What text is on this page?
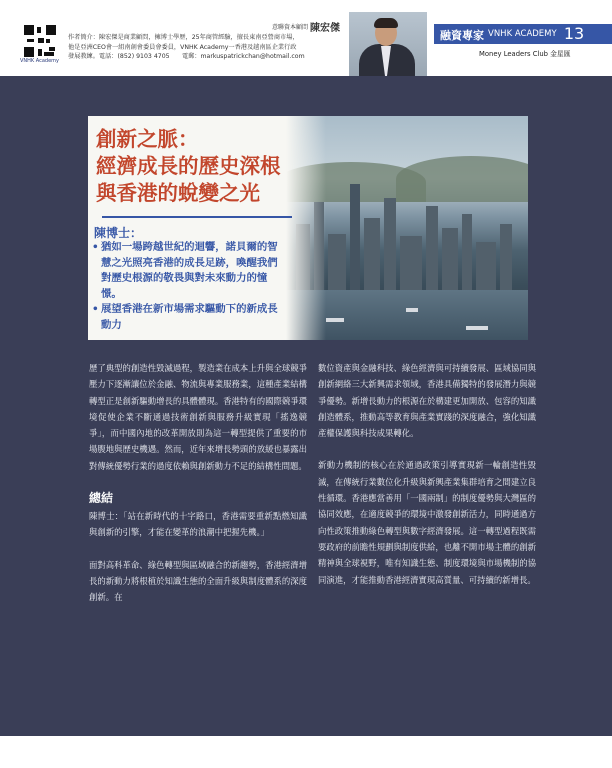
VNHK Academy
意聯資本顧問 陳宏傑
作者簡介：陳宏傑是商業顧問，擁博士學歷，25年商管經驗，擅長東南亞營商市場，
他是亞洲CEO會一組南創會委員會委員，VNHK Academy一香港及越南區企業行政
發展教練。電話：(852) 9103 4705　　電郵：markuspatrickchan@hotmail.com
融資專家 VNHK ACADEMY 13
Money Leaders Club 金星匯
創新之脈：
經濟成長的歷史深根
與香港的蛻變之光
陳博士：
• 猶如一場跨越世紀的迴響，諾貝爾的智慧之光照亮香港的成長足跡，喚醒我們對歷史根源的敬畏與對未來動力的憧憬。
• 展望香港在新市場需求驅動下的新成長動力

歷了典型的創造性毀滅過程，製造業在成本上升與全球競爭壓力下逐漸讓位於金融、物流與專業服務業，這種產業結構轉型正是創新驅動增長的具體體現。香港特有的國際競爭環境促使企業不斷通過技術創新與服務升級實現「搖逸競爭」，而中國內地的改革開放則為這一轉型提供了重要的市場腹地與歷史機遇。然而，近年來增長勢頭的放緩也暴露出對傳統優勢行業的過度依賴與創新動力不足的結構性問題。

總結

陳博士：「站在新時代的十字路口，香港需要重新點燃知識與創新的引擎，才能在變革的浪潮中把握先機。」

面對高科革命、綠色轉型與區域融合的新趨勢，香港經濟增長的新動力將根植於知識生態的全面升級與制度體系的深度創新。在

數位資產與金融科技、綠色經濟與可持續發展、區域協同與創新網絡三大新興需求領域，香港具備獨特的發展潛力與競爭優勢。新增長動力的根源在於構建更加開放、包容的知識創造體系，推動高等教育與產業實踐的深度融合，強化知識產權保護與科技成果轉化。

新動力機制的核心在於通過政策引導實現新一輪創造性毀滅，在傳統行業數位化升級與新興產業集群培育之間建立良性循環。香港應當善用「一國兩制」的制度優勢與大灣區的協同效應，在適度競爭的環境中激發創新活力，同時通過方向性政策推動綠色轉型與數字經濟發展。這一轉型過程既需要政府的前瞻性規劃與制度供給，也離不開市場主體的創新精神與全球視野，唯有知識生態、制度環境與市場機制的協同演進，才能推動香港經濟實現高質量、可持續的新增長。
